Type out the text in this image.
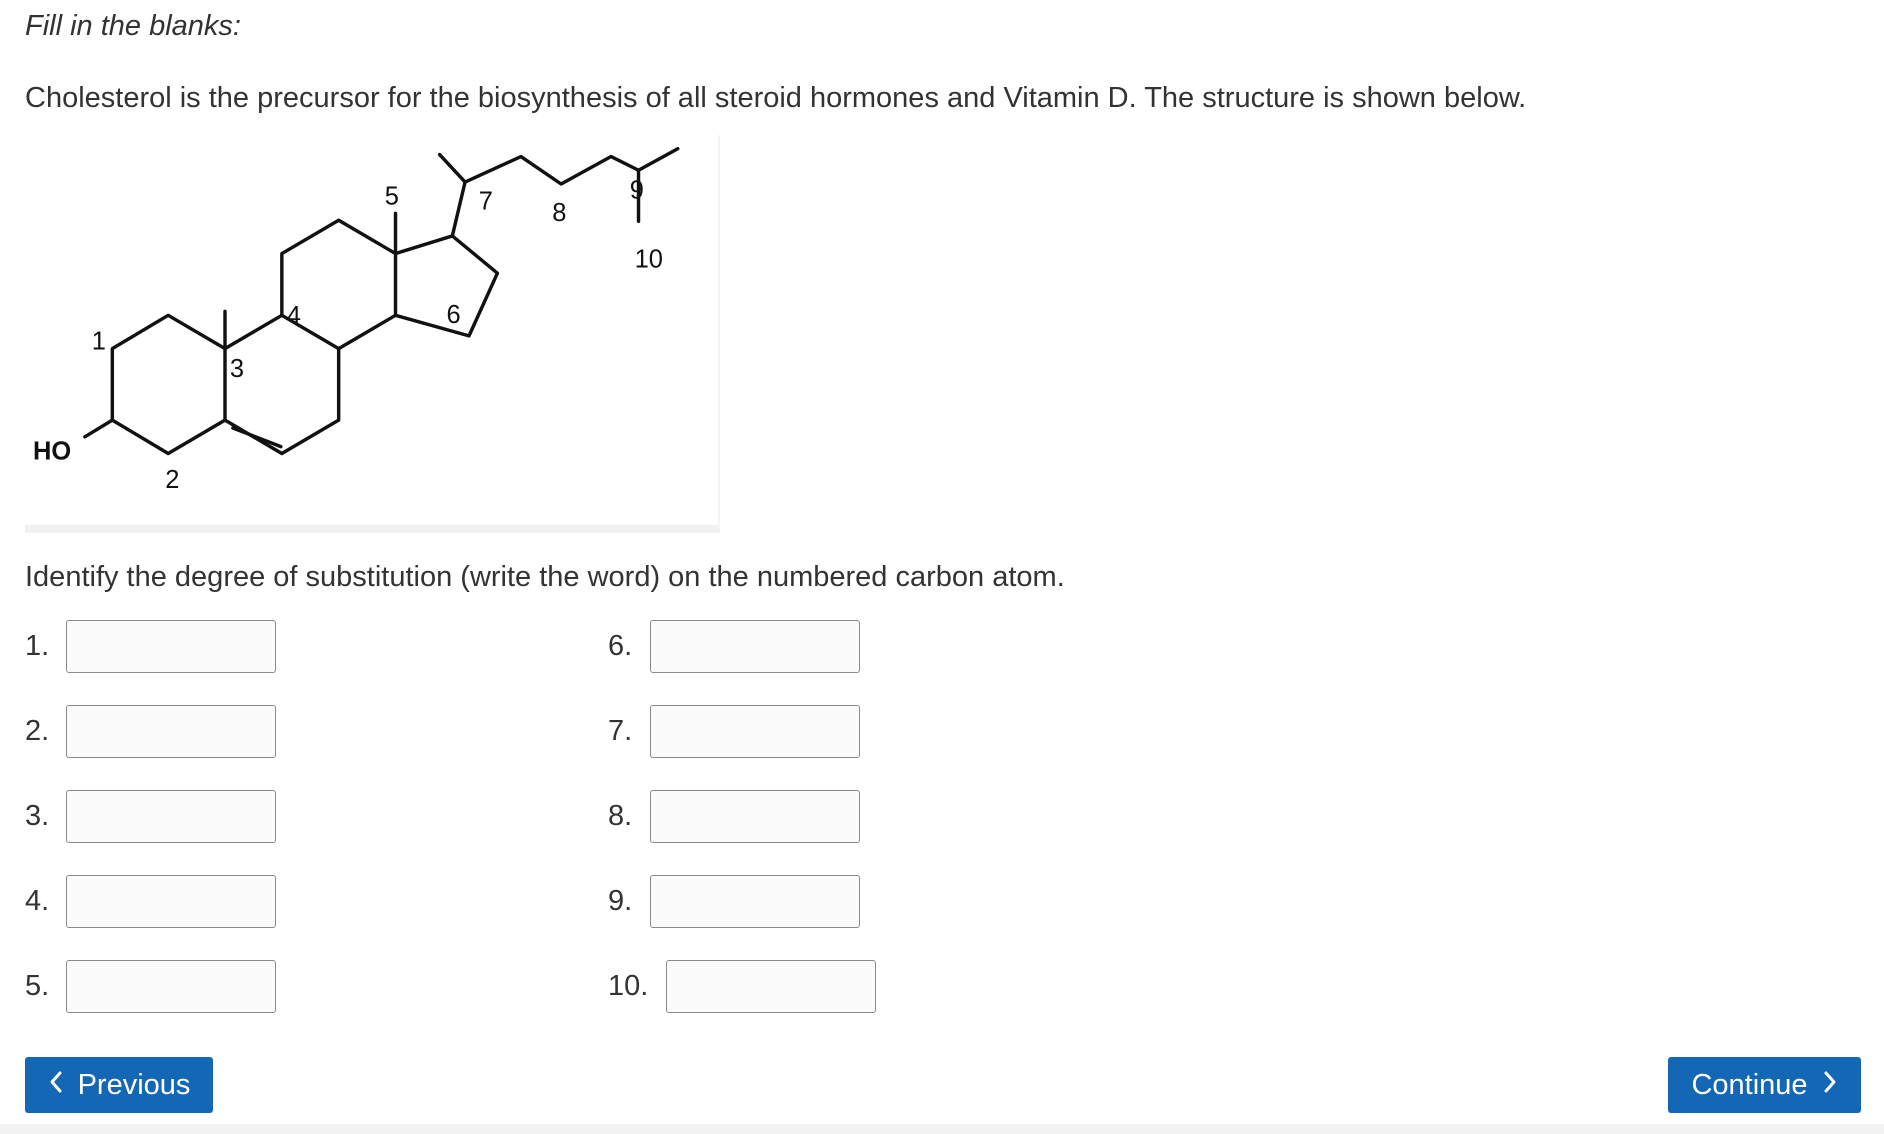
Fill in the blanks:
Cholesterol is the precursor for the biosynthesis of all steroid hormones and Vitamin D. The structure is shown below.
HO
1
2
3
4
5
6
7 8
9
10
Identify the degree of substitution (write the word) on the numbered carbon atom.
1.
2.
3.
4.
5.
6.
7.
8.
9.
10.
Previous	Continue
